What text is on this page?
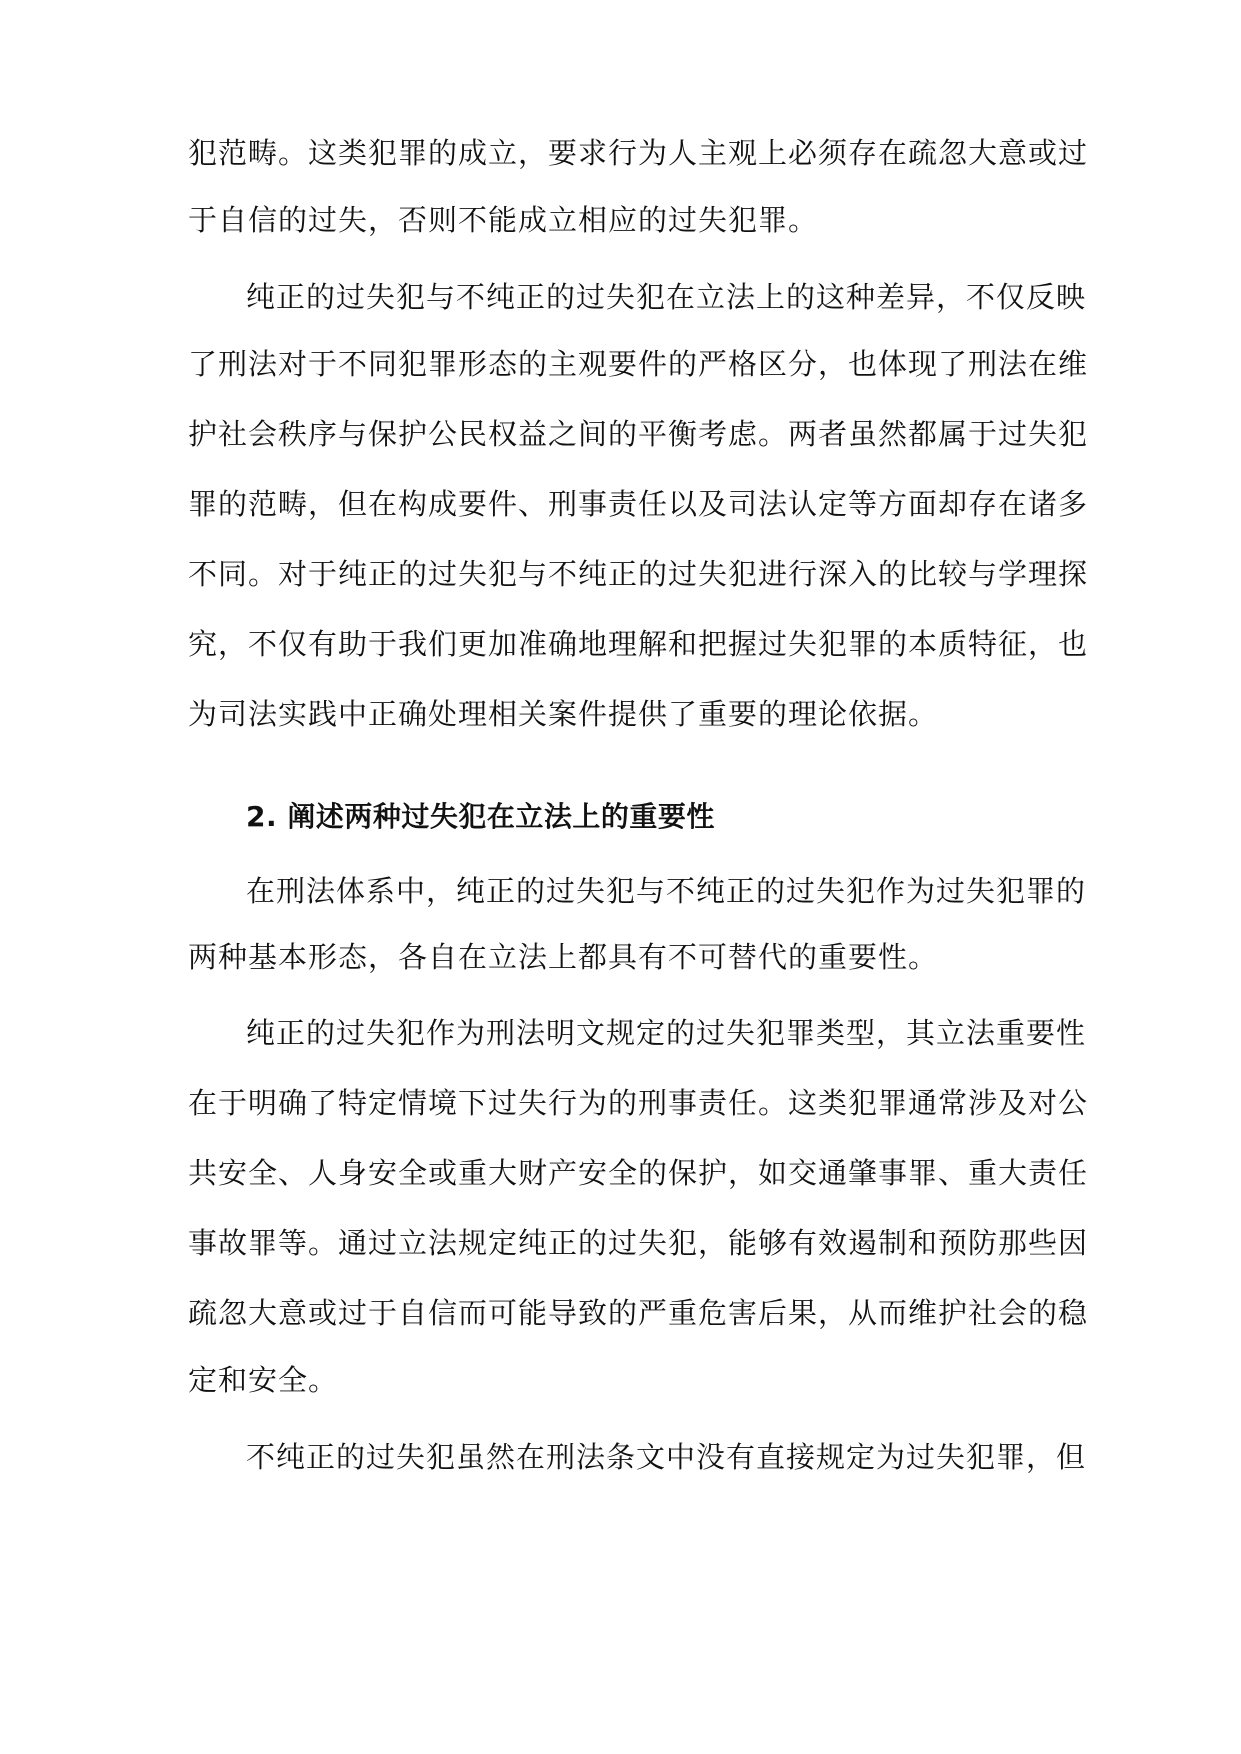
犯范畴。这类犯罪的成立，要求行为人主观上必须存在疏忽大意或过
于自信的过失，否则不能成立相应的过失犯罪。
纯正的过失犯与不纯正的过失犯在立法上的这种差异，不仅反映
了刑法对于不同犯罪形态的主观要件的严格区分，也体现了刑法在维
护社会秩序与保护公民权益之间的平衡考虑。两者虽然都属于过失犯
罪的范畴，但在构成要件、刑事责任以及司法认定等方面却存在诸多
不同。对于纯正的过失犯与不纯正的过失犯进行深入的比较与学理探
究，不仅有助于我们更加准确地理解和把握过失犯罪的本质特征，也
为司法实践中正确处理相关案件提供了重要的理论依据。
2. 阐述两种过失犯在立法上的重要性
在刑法体系中，纯正的过失犯与不纯正的过失犯作为过失犯罪的
两种基本形态，各自在立法上都具有不可替代的重要性。
纯正的过失犯作为刑法明文规定的过失犯罪类型，其立法重要性
在于明确了特定情境下过失行为的刑事责任。这类犯罪通常涉及对公
共安全、人身安全或重大财产安全的保护，如交通肇事罪、重大责任
事故罪等。通过立法规定纯正的过失犯，能够有效遏制和预防那些因
疏忽大意或过于自信而可能导致的严重危害后果，从而维护社会的稳
定和安全。
不纯正的过失犯虽然在刑法条文中没有直接规定为过失犯罪，但
